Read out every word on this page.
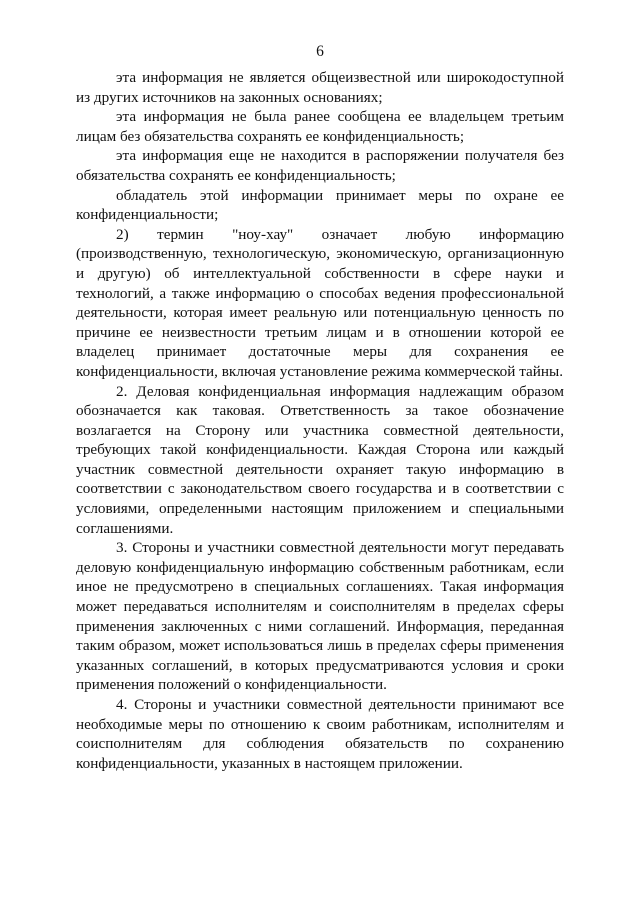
6

эта информация не является общеизвестной или широкодоступной из других источников на законных основаниях;

эта информация не была ранее сообщена ее владельцем третьим лицам без обязательства сохранять ее конфиденциальность;

эта информация еще не находится в распоряжении получателя без обязательства сохранять ее конфиденциальность;

обладатель этой информации принимает меры по охране ее конфиденциальности;

2) термин "ноу-хау" означает любую информацию (производственную, технологическую, экономическую, организационную и другую) об интеллектуальной собственности в сфере науки и технологий, а также информацию о способах ведения профессиональной деятельности, которая имеет реальную или потенциальную ценность по причине ее неизвестности третьим лицам и в отношении которой ее владелец принимает достаточные меры для сохранения ее конфиденциальности, включая установление режима коммерческой тайны.

2. Деловая конфиденциальная информация надлежащим образом обозначается как таковая. Ответственность за такое обозначение возлагается на Сторону или участника совместной деятельности, требующих такой конфиденциальности. Каждая Сторона или каждый участник совместной деятельности охраняет такую информацию в соответствии с законодательством своего государства и в соответствии с условиями, определенными настоящим приложением и специальными соглашениями.

3. Стороны и участники совместной деятельности могут передавать деловую конфиденциальную информацию собственным работникам, если иное не предусмотрено в специальных соглашениях. Такая информация может передаваться исполнителям и соисполнителям в пределах сферы применения заключенных с ними соглашений. Информация, переданная таким образом, может использоваться лишь в пределах сферы применения указанных соглашений, в которых предусматриваются условия и сроки применения положений о конфиденциальности.

4. Стороны и участники совместной деятельности принимают все необходимые меры по отношению к своим работникам, исполнителям и соисполнителям для соблюдения обязательств по сохранению конфиденциальности, указанных в настоящем приложении.
